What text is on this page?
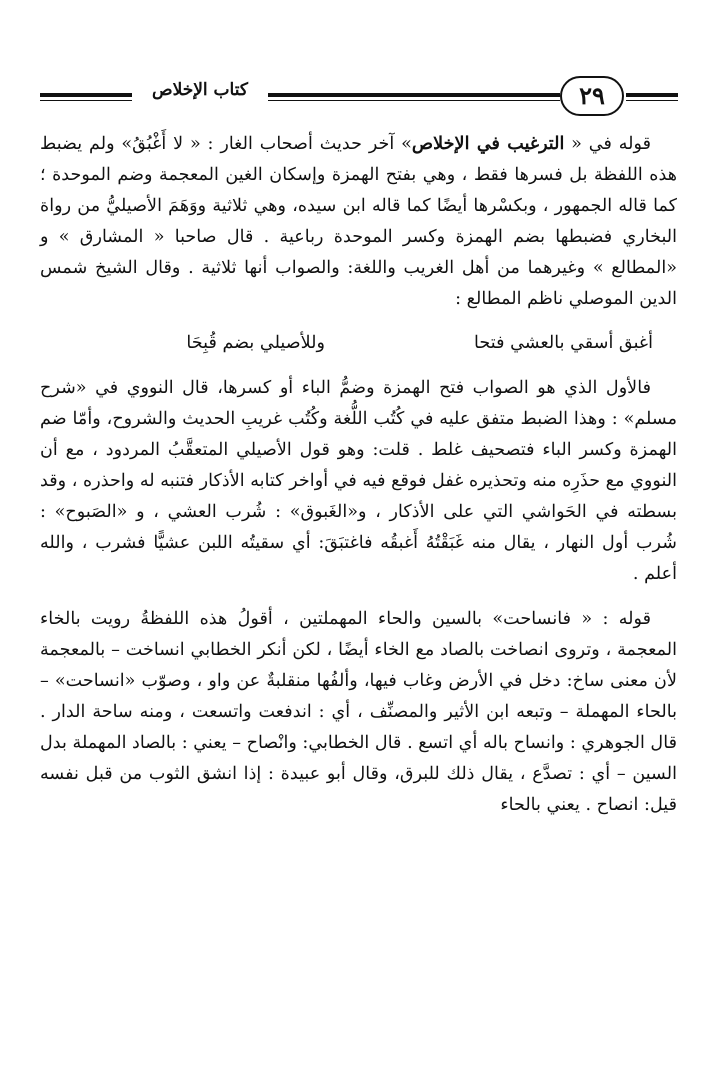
كتاب الإخلاص	٢٩

قوله في « الترغيب في الإخلاص» آخر حديث أصحاب الغار : « لا أَغْبُقُ» ولم يضبط هذه اللفظة بل فسرها فقط ، وهي بفتح الهمزة وإسكان الغين المعجمة وضم الموحدة ؛ كما قاله الجمهور ، وبكسْرها أيضًا كما قاله ابن سيده، وهي ثلاثية ووَهَمَ الأصيليُّ من رواة البخاري فضبطها بضم الهمزة وكسر الموحدة رباعية . قال صاحبا « المشارق » و «المطالع » وغيرهما من أهل الغريب واللغة: والصواب أنها ثلاثية . وقال الشيخ شمس الدين الموصلي ناظم المطالع :

أغبق أسقي بالعشي فتحا
وللأصيلي بضم قُبِحَا

فالأول الذي هو الصواب فتح الهمزة وضمُّ الباء أو كسرها، قال النووي في «شرح مسلم» : وهذا الضبط متفق عليه في كُتُب اللُّغة وكُتُب غريبِ الحديث والشروح، وأمّا ضم الهمزة وكسر الباء فتصحيف غلط . قلت: وهو قول الأصيلي المتعقَّبُ المردود ، مع أن النووي مع حذَرِه منه وتحذيره غفل فوقع فيه في أواخر كتابه الأذكار فتنبه له واحذره ، وقد بسطته في الحَواشي التي على الأذكار ، و«الغَبوق» : شُرب العشي ، و «الصَبوح» : شُرب أول النهار ، يقال منه غَبَقْتُهُ أَغبقُه فاغتبَقَ: أي سقيتُه اللبن عشيًّا فشرب ، والله أعلم .

قوله : « فانساحت» بالسين والحاء المهملتين ، أقولُ هذه اللفظةُ رويت بالخاء المعجمة ، وتروى انصاخت بالصاد مع الخاء أيضًا ، لكن أنكر الخطابي انساخت – بالمعجمة لأن معنى ساخ: دخل في الأرض وغاب فيها، وألفُها منقلبةٌ عن واو ، وصوّب «انساحت» – بالحاء المهملة – وتبعه ابن الأثير والمصنِّف ، أي : اندفعت واتسعت ، ومنه ساحة الدار . قال الجوهري : وانساح باله أي اتسع . قال الخطابي: وانْصاح – يعني : بالصاد المهملة بدل السين – أي : تصدَّع ، يقال ذلك للبرق، وقال أبو عبيدة : إذا انشق الثوب من قبل نفسه قيل: انصاح . يعني بالحاء
